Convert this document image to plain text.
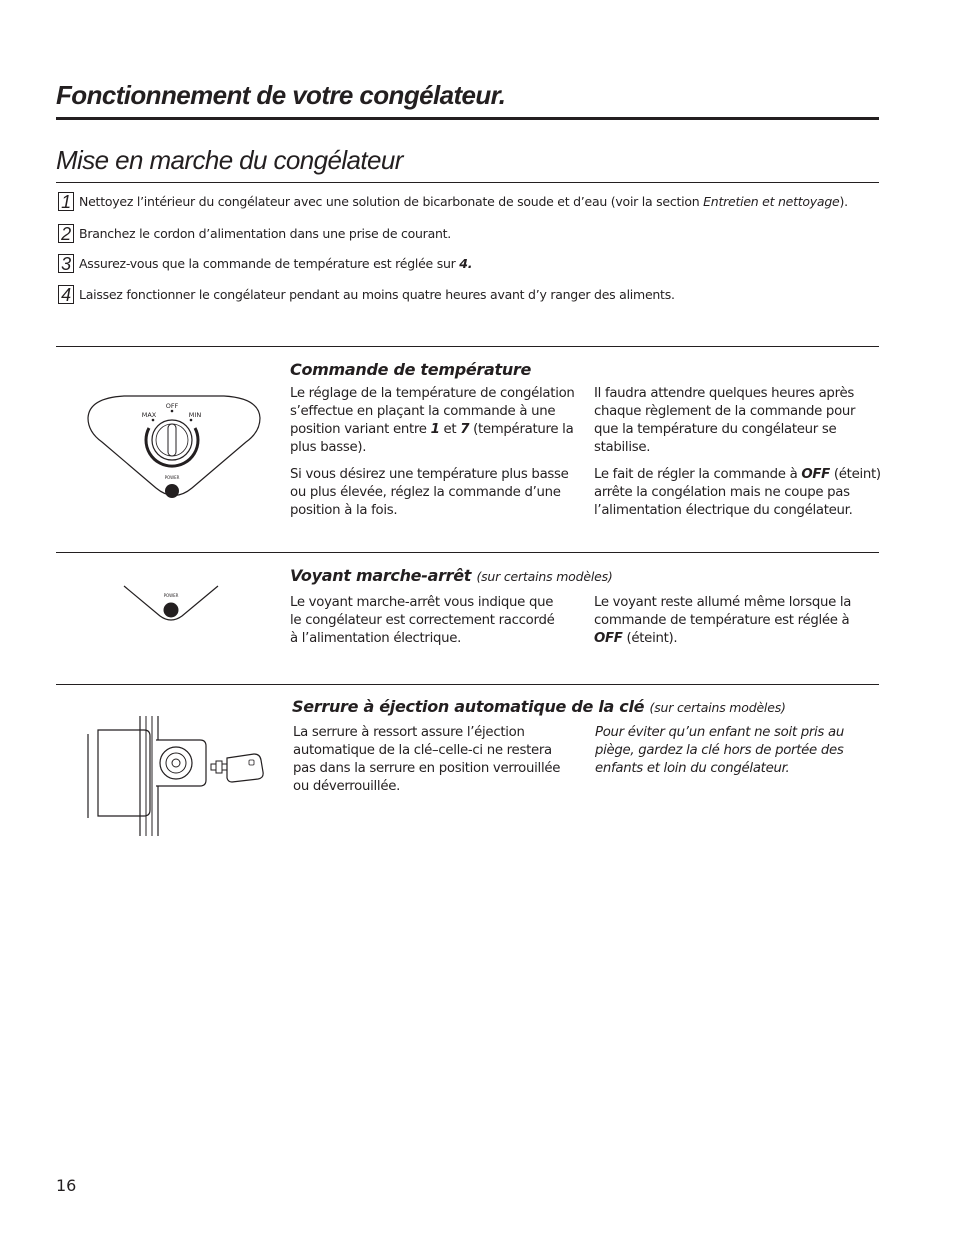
Fonctionnement de votre congélateur.
Mise en marche du congélateur
1 Nettoyez l’intérieur du congélateur avec une solution de bicarbonate de soude et d’eau (voir la section Entretien et nettoyage).
2 Branchez le cordon d’alimentation dans une prise de courant.
3 Assurez-vous que la commande de température est réglée sur 4.
4 Laissez fonctionner le congélateur pendant au moins quatre heures avant d’y ranger des aliments.
OFF
MAX	MIN
POWER
Commande de température

Le réglage de la température de congélation s’effectue en plaçant la commande à une position variant entre 1 et 7 (température la plus basse).

Si vous désirez une température plus basse ou plus élevée, réglez la commande d’une position à la fois.

Il faudra attendre quelques heures après chaque règlement de la commande pour que la température du congélateur se stabilise.

Le fait de régler la commande à OFF (éteint) arrête la congélation mais ne coupe pas l’alimentation électrique du congélateur.

POWER
Voyant marche-arrêt (sur certains modèles)

Le voyant marche-arrêt vous indique que le congélateur est correctement raccordé à l’alimentation électrique.

Le voyant reste allumé même lorsque la commande de température est réglée à OFF (éteint).

Serrure à éjection automatique de la clé (sur certains modèles)

La serrure à ressort assure l’éjection automatique de la clé–celle-ci ne restera pas dans la serrure en position verrouillée ou déverrouillée.

Pour éviter qu’un enfant ne soit pris au piège, gardez la clé hors de portée des enfants et loin du congélateur.

16
